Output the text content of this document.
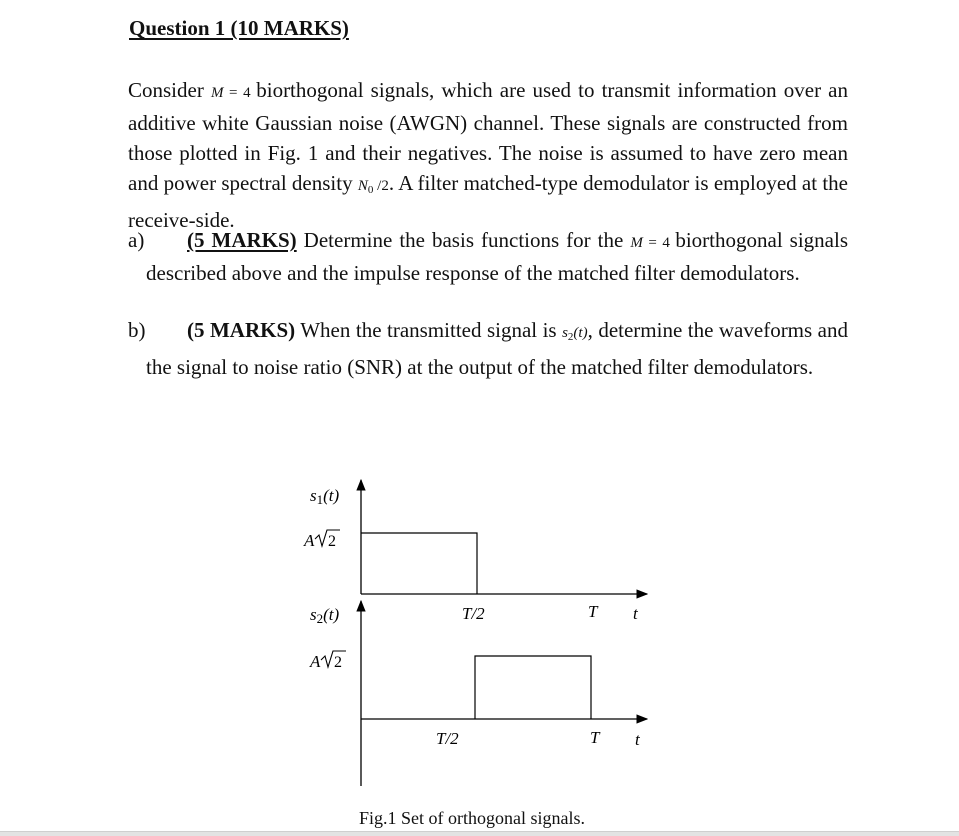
Question 1 (10 MARKS)

Consider M = 4 biorthogonal signals, which are used to transmit information over an additive white Gaussian noise (AWGN) channel. These signals are constructed from those plotted in Fig. 1 and their negatives. The noise is assumed to have zero mean and power spectral density $N_0$ /2. A filter matched-type demodulator is employed at the receive-side.

a)	(5 MARKS) Determine the basis functions for the M = 4 biorthogonal signals described above and the impulse response of the matched filter demodulators.
b)	(5 MARKS) When the transmitted signal is $s_2(t)$, determine the waveforms and the signal to noise ratio (SNR) at the output of the matched filter demodulators.
s1(t)
A 2
T/2	T t
s2(t)
A 2
T/2	T t
Fig.1 Set of orthogonal signals.
